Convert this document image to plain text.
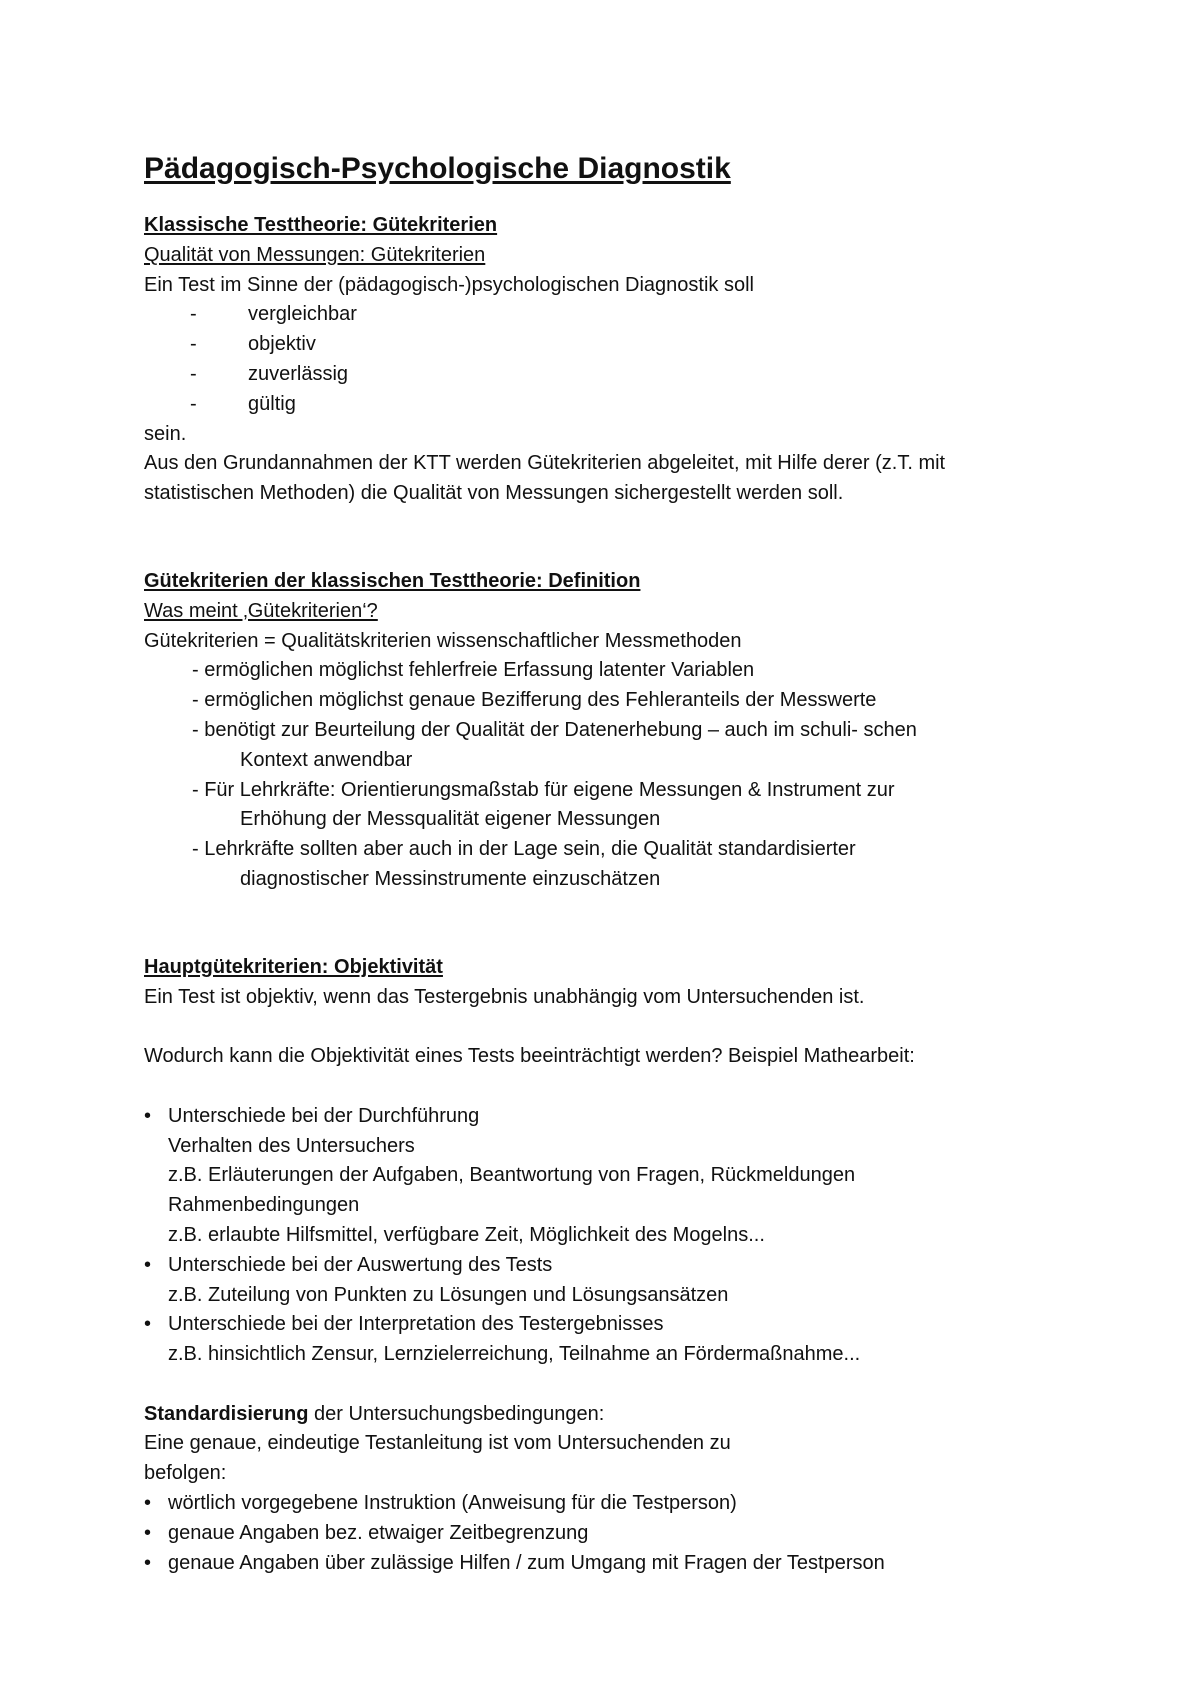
Pädagogisch-Psychologische Diagnostik
Klassische Testtheorie: Gütekriterien
Qualität von Messungen: Gütekriterien
Ein Test im Sinne der (pädagogisch-)psychologischen Diagnostik soll
-	vergleichbar
-	objektiv
-	zuverlässig
-	gültig
sein.
Aus den Grundannahmen der KTT werden Gütekriterien abgeleitet, mit Hilfe derer (z.T. mit
statistischen Methoden) die Qualität von Messungen sichergestellt werden soll.
Gütekriterien der klassischen Testtheorie: Definition
Was meint ‚Gütekriterien‘?
Gütekriterien = Qualitätskriterien wissenschaftlicher Messmethoden
- ermöglichen möglichst fehlerfreie Erfassung latenter Variablen
- ermöglichen möglichst genaue Bezifferung des Fehleranteils der Messwerte
- benötigt zur Beurteilung der Qualität der Datenerhebung – auch im schuli- schen
Kontext anwendbar
- Für Lehrkräfte: Orientierungsmaßstab für eigene Messungen & Instrument zur
Erhöhung der Messqualität eigener Messungen
- Lehrkräfte sollten aber auch in der Lage sein, die Qualität standardisierter
diagnostischer Messinstrumente einzuschätzen
Hauptgütekriterien: Objektivität
Ein Test ist objektiv, wenn das Testergebnis unabhängig vom Untersuchenden ist.
Wodurch kann die Objektivität eines Tests beeinträchtigt werden? Beispiel Mathearbeit:
• Unterschiede bei der Durchführung
Verhalten des Untersuchers
z.B. Erläuterungen der Aufgaben, Beantwortung von Fragen, Rückmeldungen
Rahmenbedingungen
z.B. erlaubte Hilfsmittel, verfügbare Zeit, Möglichkeit des Mogelns...
• Unterschiede bei der Auswertung des Tests
z.B. Zuteilung von Punkten zu Lösungen und Lösungsansätzen
• Unterschiede bei der Interpretation des Testergebnisses
z.B. hinsichtlich Zensur, Lernzielerreichung, Teilnahme an Fördermaßnahme...
Standardisierung der Untersuchungsbedingungen:
Eine genaue, eindeutige Testanleitung ist vom Untersuchenden zu
befolgen:
• wörtlich vorgegebene Instruktion (Anweisung für die Testperson)
• genaue Angaben bez. etwaiger Zeitbegrenzung
• genaue Angaben über zulässige Hilfen / zum Umgang mit Fragen der Testperson
